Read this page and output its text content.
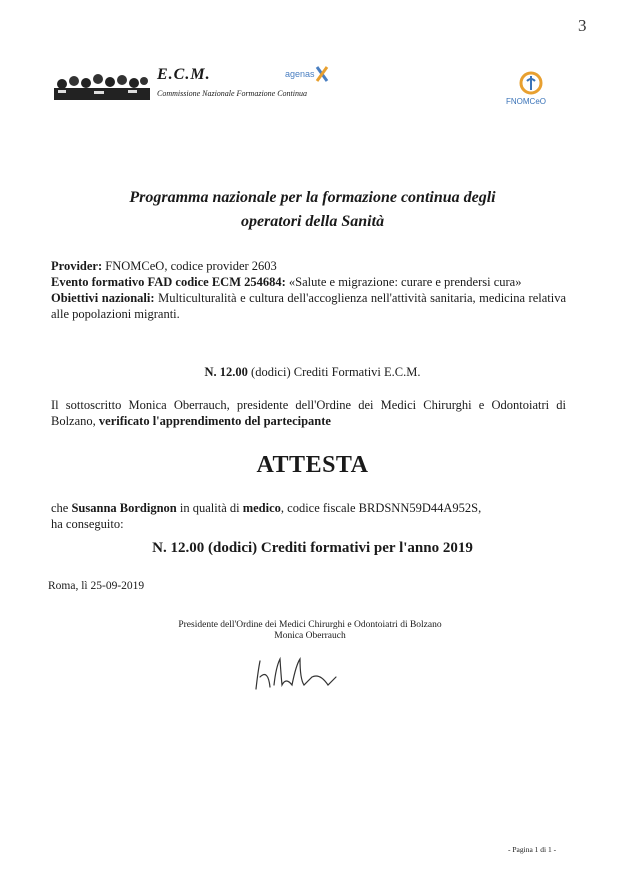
3
E.C.M.
Commissione Nazionale Formazione Continua
agenas
FNOMCeO
Programma nazionale per la formazione continua degli
operatori della Sanità
Provider: FNOMCeO, codice provider 2603
Evento formativo FAD codice ECM 254684: «Salute e migrazione: curare e prendersi cura»
Obiettivi nazionali: Multiculturalità e cultura dell'accoglienza nell'attività sanitaria, medicina relativa alle popolazioni migranti.
N. 12.00 (dodici) Crediti Formativi E.C.M.
Il sottoscritto Monica Oberrauch, presidente dell'Ordine dei Medici Chirurghi e Odontoiatri di Bolzano, verificato l'apprendimento del partecipante
ATTESTA
che Susanna Bordignon in qualità di medico, codice fiscale BRDSNN59D44A952S,
ha conseguito:
N. 12.00 (dodici) Crediti formativi per l'anno 2019
Roma, lì 25-09-2019
Presidente dell'Ordine dei Medici Chirurghi e Odontoiatri di Bolzano
Monica Oberrauch
- Pagina 1 di 1 -
